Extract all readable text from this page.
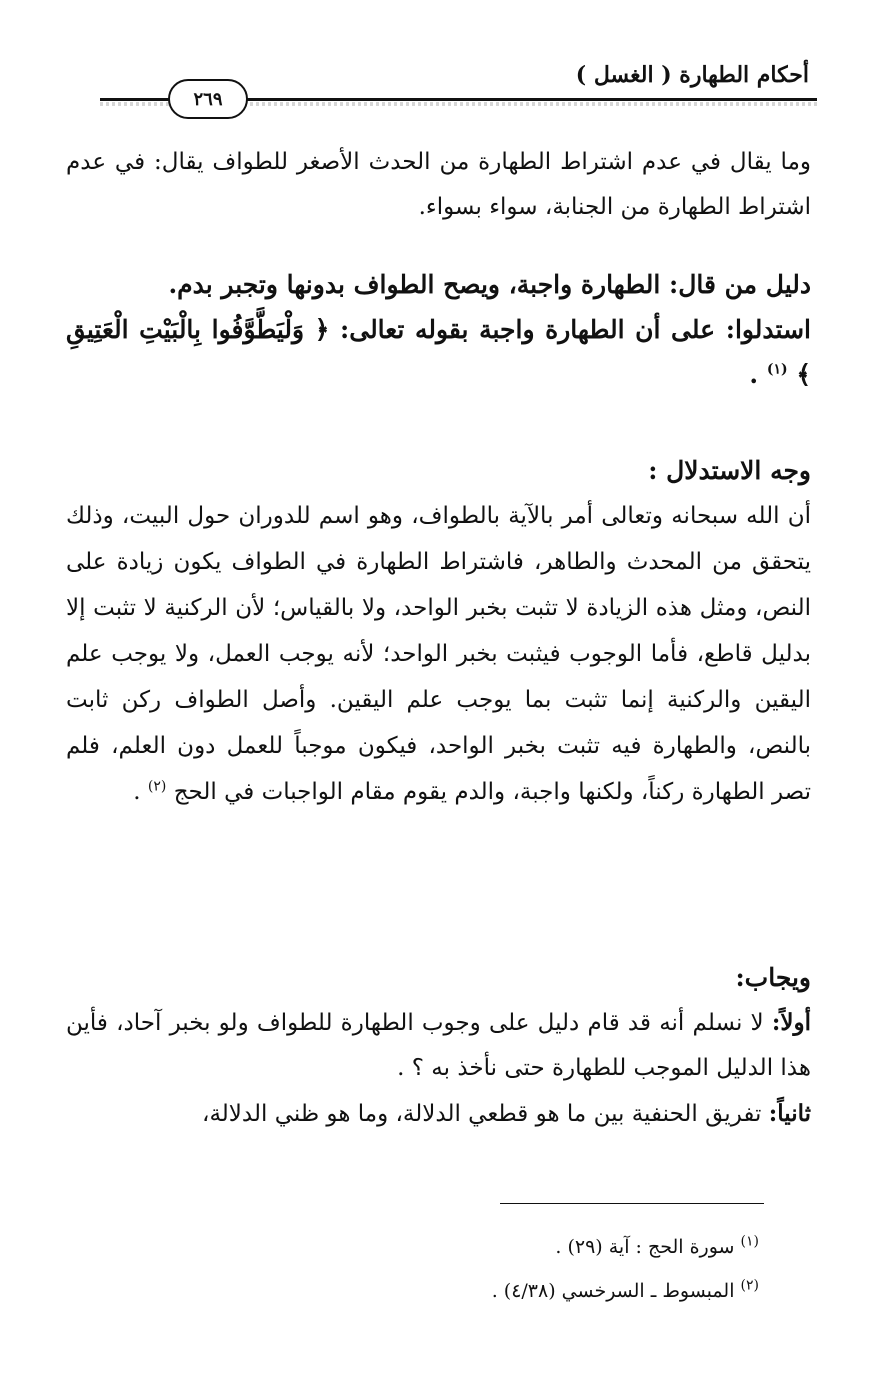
أحكام الطهارة ( الغسل )
٢٦٩

وما يقال في عدم اشتراط الطهارة من الحدث الأصغر للطواف يقال: في عدم اشتراط الطهارة من الجنابة، سواء بسواء.

دليل من قال: الطهارة واجبة، ويصح الطواف بدونها وتجبر بدم.

استدلوا: على أن الطهارة واجبة بقوله تعالى: ﴿ وَلْيَطَّوَّفُوا بِالْبَيْتِ الْعَتِيقِ ﴾ $^{(١)}$ .

وجه الاستدلال :

أن الله سبحانه وتعالى أمر بالآية بالطواف، وهو اسم للدوران حول البيت، وذلك يتحقق من المحدث والطاهر، فاشتراط الطهارة في الطواف يكون زيادة على النص، ومثل هذه الزيادة لا تثبت بخبر الواحد، ولا بالقياس؛ لأن الركنية لا تثبت إلا بدليل قاطع، فأما الوجوب فيثبت بخبر الواحد؛ لأنه يوجب العمل، ولا يوجب علم اليقين والركنية إنما تثبت بما يوجب علم اليقين. وأصل الطواف ركن ثابت بالنص، والطهارة فيه تثبت بخبر الواحد، فيكون موجباً للعمل دون العلم، فلم تصر الطهارة ركناً، ولكنها واجبة، والدم يقوم مقام الواجبات في الحج $^{(٢)}$ .

ويجاب:

أولاً: لا نسلم أنه قد قام دليل على وجوب الطهارة للطواف ولو بخبر آحاد، فأين هذا الدليل الموجب للطهارة حتى نأخذ به ؟ .

ثانياً: تفريق الحنفية بين ما هو قطعي الدلالة، وما هو ظني الدلالة،

$^{(١)}$ سورة الحج : آية (٢٩) .
$^{(٢)}$ المبسوط ـ السرخسي (٤/٣٨) .
